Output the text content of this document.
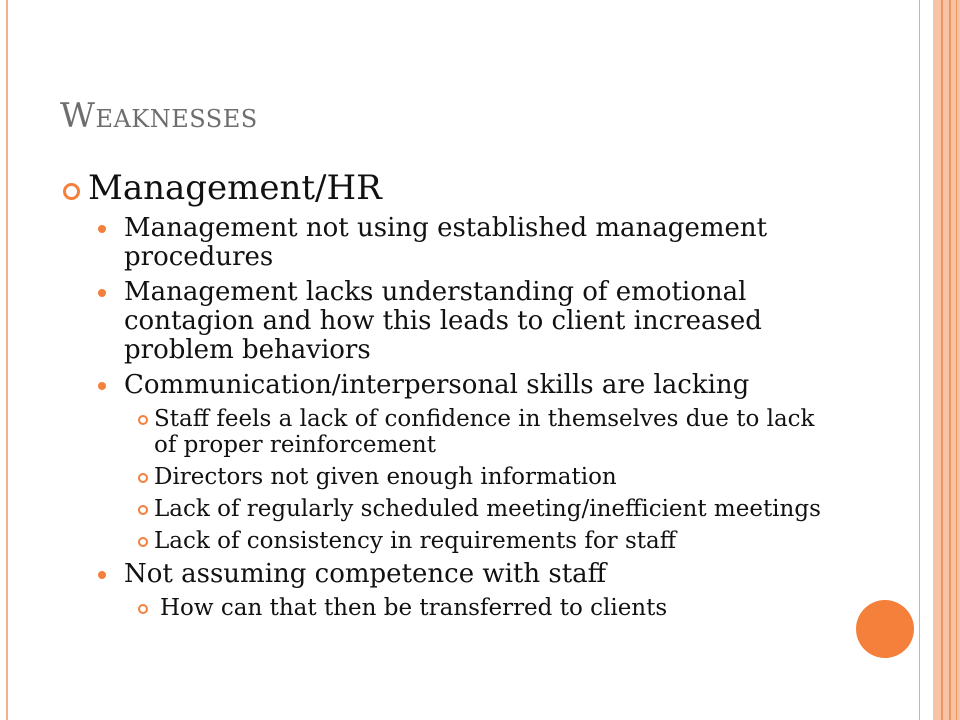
Weaknesses
Management/HR
Management not using established management procedures
Management lacks understanding of emotional contagion and how this leads to client increased problem behaviors
Communication/interpersonal skills are lacking
Staff feels a lack of confidence in themselves due to lack of proper reinforcement
Directors not given enough information
Lack of regularly scheduled meeting/inefficient meetings
Lack of consistency in requirements for staff
Not assuming competence with staff
How can that then be transferred to clients
